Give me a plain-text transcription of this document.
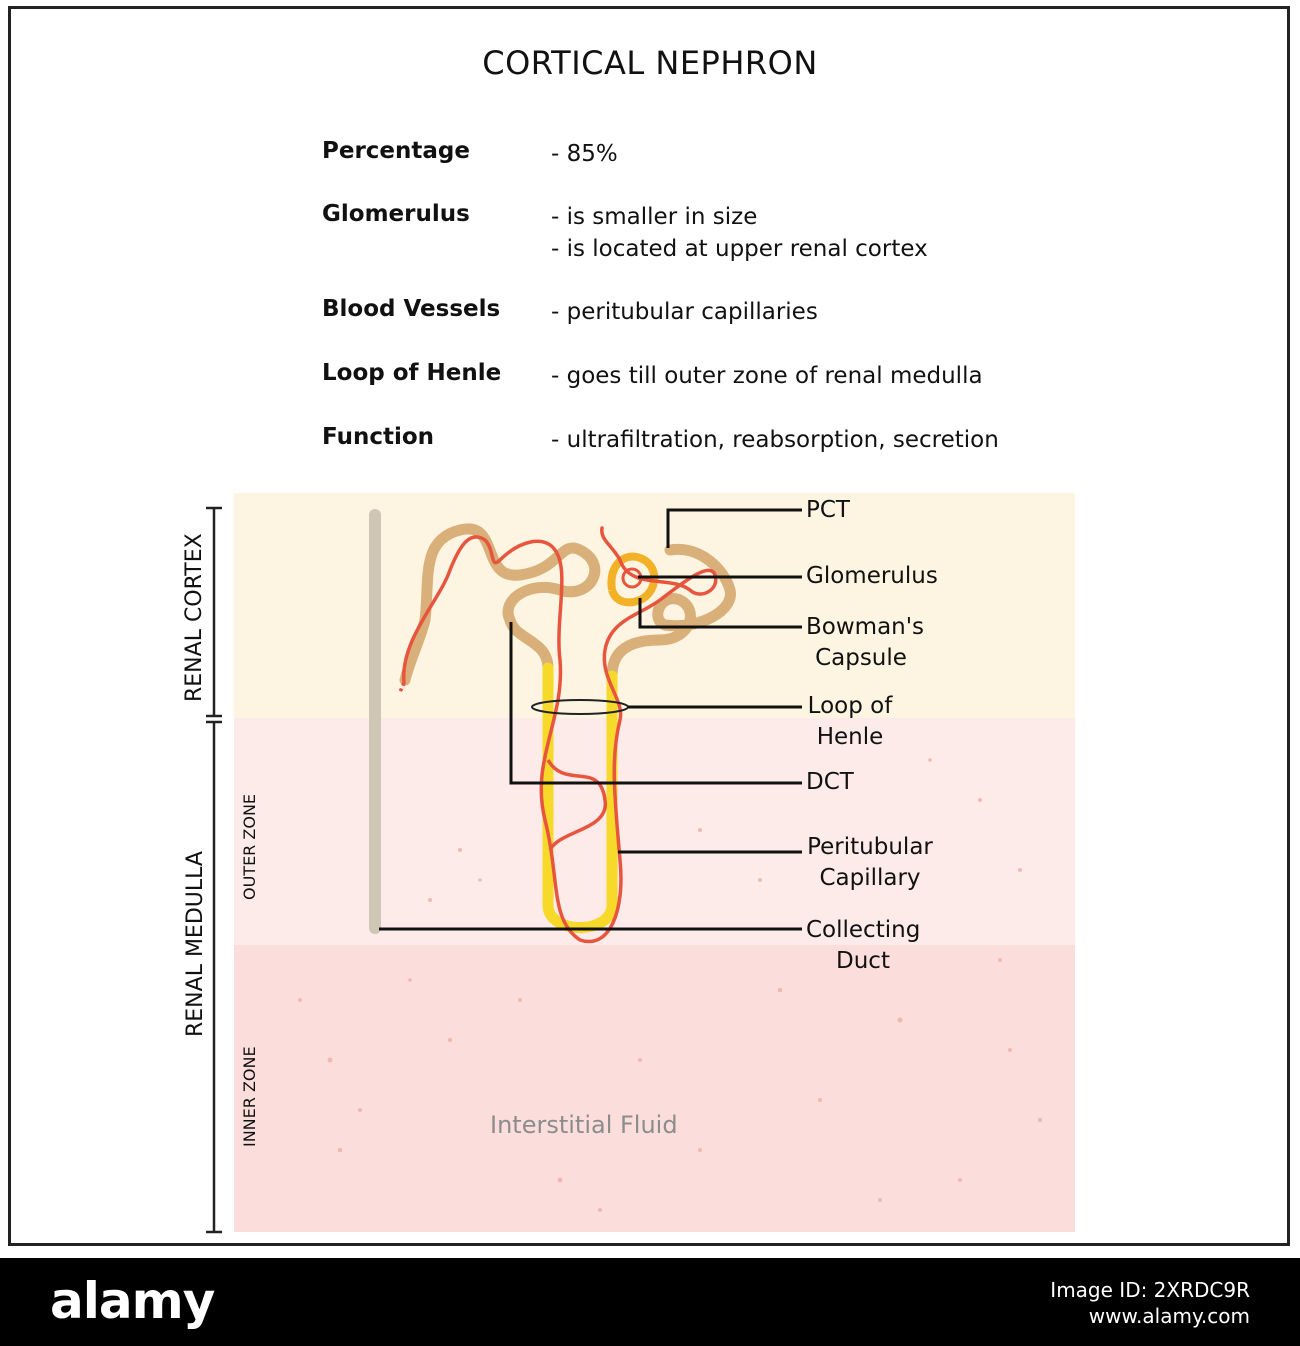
CORTICAL NEPHRON
Percentage	- 85%
Glomerulus	- is smaller in size
- is located at upper renal cortex
Blood Vessels - peritubular capillaries
Loop of Henle - goes till outer zone of renal medulla
Function	- ultrafiltration, reabsorption, secretion
RENAL CORTEX
RENAL MEDULLA
OUTER ZONE
INNER ZONE	Interstitial Fluid
PCT
Glomerulus
Bowman's
Capsule
Loop of
Henle
DCT
Peritubular
Capillary
Collecting
Duct
alamy	Image ID: 2XRDC9R
www.alamy.com
